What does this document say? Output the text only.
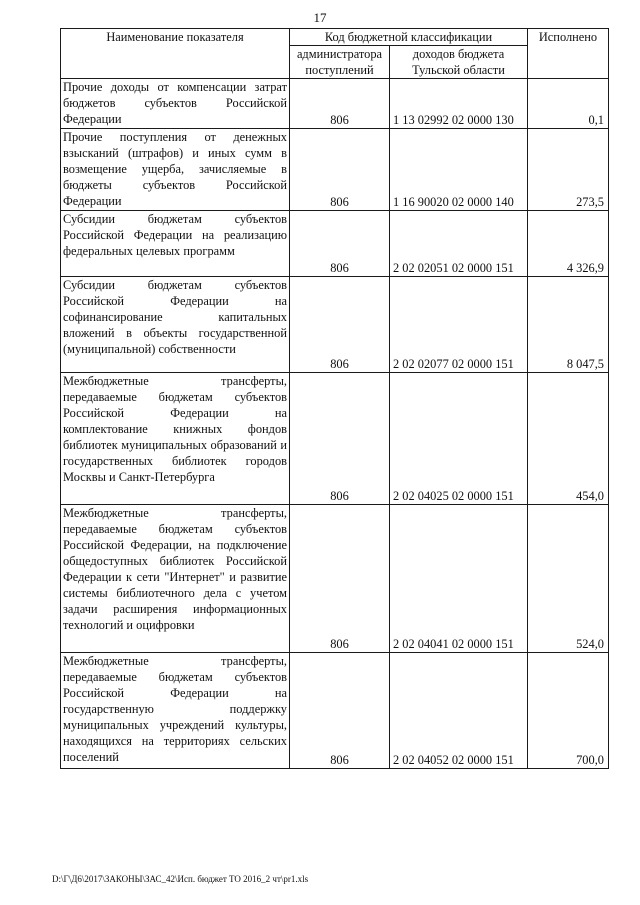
17
Наименование показателя	Код бюджетной классификации		Исполнено
	администратора поступлений	доходов бюджета Тульской области	
Прочие доходы от компенсации затрат бюджетов субъектов Российской Федерации	806	1 13 02992 02 0000 130	0,1
Прочие поступления от денежных взысканий (штрафов) и иных сумм в возмещение ущерба, зачисляемые в бюджеты субъектов Российской Федерации	806	1 16 90020 02 0000 140	273,5
Субсидии бюджетам субъектов Российской Федерации на реализацию федеральных целевых программ	806	2 02 02051 02 0000 151	4 326,9
Субсидии бюджетам субъектов Российской Федерации на софинансирование капитальных вложений в объекты государственной (муниципальной) собственности	806	2 02 02077 02 0000 151	8 047,5
Межбюджетные трансферты, передаваемые бюджетам субъектов Российской Федерации на комплектование книжных фондов библиотек муниципальных образований и государственных библиотек городов Москвы и Санкт-Петербурга	806	2 02 04025 02 0000 151	454,0
Межбюджетные трансферты, передаваемые бюджетам субъектов Российской Федерации, на подключение общедоступных библиотек Российской Федерации к сети "Интернет" и развитие системы библиотечного дела с учетом задачи расширения информационных технологий и оцифровки	806	2 02 04041 02 0000 151	524,0
Межбюджетные трансферты, передаваемые бюджетам субъектов Российской Федерации на государственную поддержку муниципальных учреждений культуры, находящихся на территориях сельских поселений	806	2 02 04052 02 0000 151	700,0
D:\Г\Д6\2017\ЗАКОНЫ\ЗАС_42\Исп. бюджет ТО 2016_2 чт\pr1.xls
